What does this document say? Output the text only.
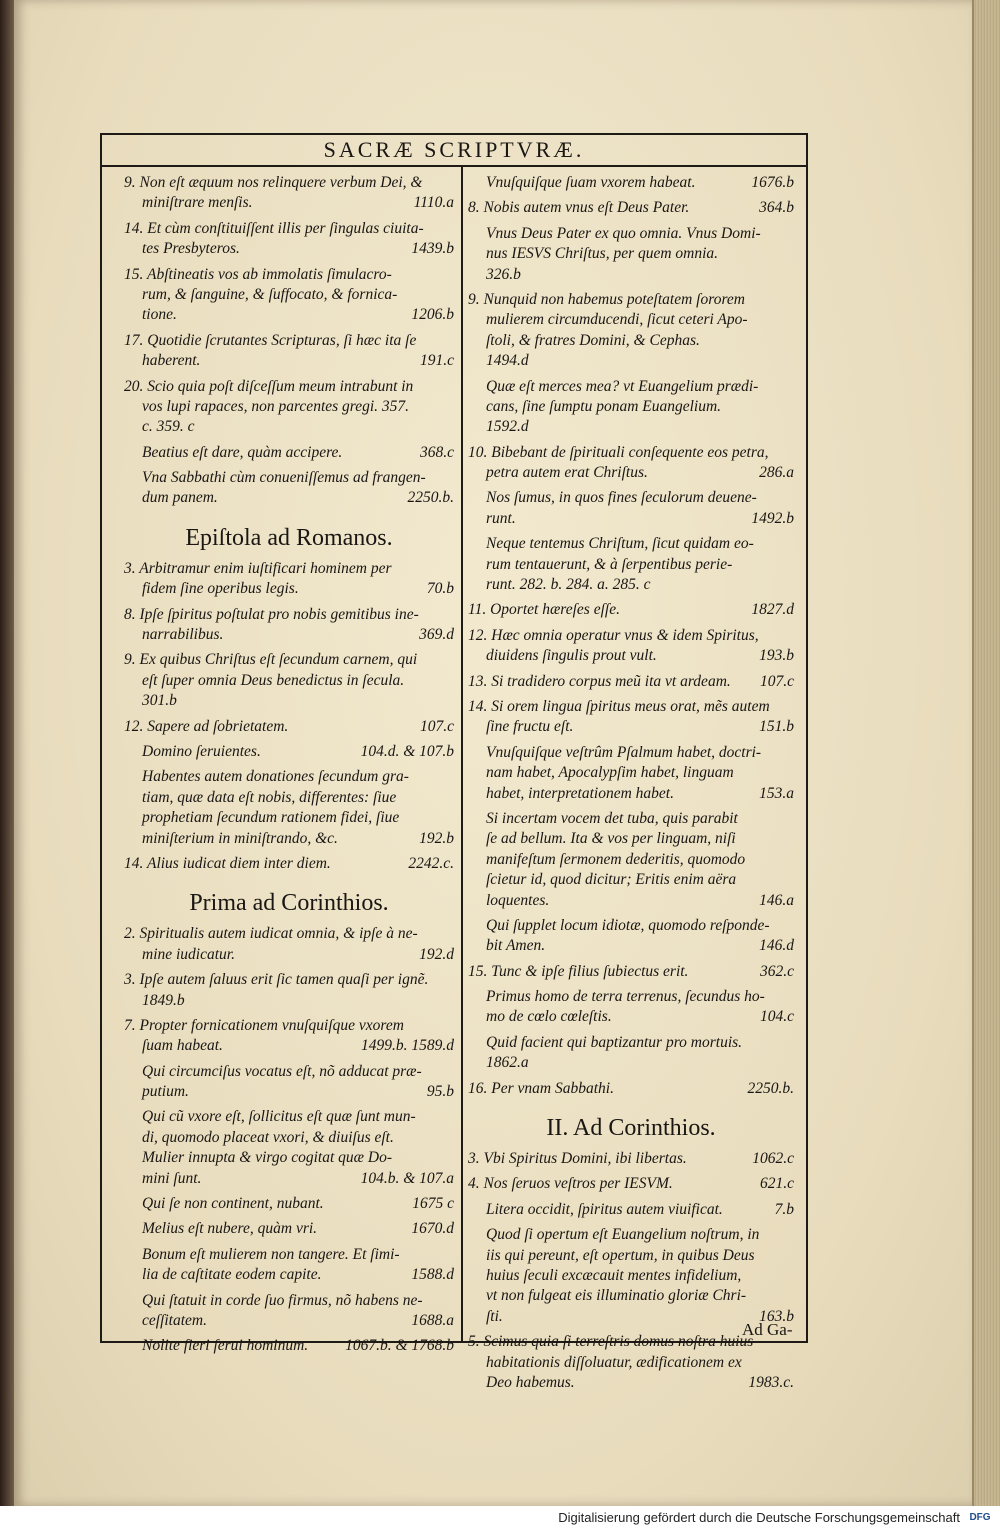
SACRÆ SCRIPTVRÆ.
9. Non eſt æquum nos relinquere verbum Dei, &
miniſtrare menſis.	1110.a
14. Et cùm conſtituiſſent illis per ſingulas ciuita-
tes Presbyteros.	1439.b
15. Abſtineatis vos ab immolatis ſimulacro-
rum, & ſanguine, & ſuffocato, & fornica-
tione.	1206.b
17. Quotidie ſcrutantes Scripturas, ſi hæc ita ſe
haberent.	191.c
20. Scio quia poſt diſceſſum meum intrabunt in
vos lupi rapaces, non parcentes gregi. 357.
c. 359. c
Beatius eſt dare, quàm accipere.	368.c
Vna Sabbathi cùm conueniſſemus ad frangen-
dum panem.	2250.b.
Epiſtola ad Romanos.
3. Arbitramur enim iuſtificari hominem per
fidem ſine operibus legis.	70.b
8. Ipſe ſpiritus poſtulat pro nobis gemitibus ine-
narrabilibus.	369.d
9. Ex quibus Chriſtus eſt ſecundum carnem, qui
eſt ſuper omnia Deus benedictus in ſecula.
301.b
12. Sapere ad ſobrietatem.	107.c
Domino ſeruientes.	104.d. & 107.b
Habentes autem donationes ſecundum gra-
tiam, quæ data eſt nobis, differentes: ſiue
prophetiam ſecundum rationem fidei, ſiue
miniſterium in miniſtrando, &c.	192.b
14. Alius iudicat diem inter diem.	2242.c.
Prima ad Corinthios.
2. Spiritualis autem iudicat omnia, & ipſe à ne-
mine iudicatur.	192.d
3. Ipſe autem ſaluus erit ſic tamen quaſi per ignẽ.
1849.b
7. Propter fornicationem vnuſquiſque vxorem
ſuam habeat.	1499.b. 1589.d
Qui circumciſus vocatus eſt, nõ adducat præ-
putium.	95.b
Qui cũ vxore eſt, ſollicitus eſt quæ ſunt mun-
di, quomodo placeat vxori, & diuiſus eſt.
Mulier innupta & virgo cogitat quæ Do-
mini ſunt.	104.b. & 107.a
Qui ſe non continent, nubant.	1675 c
Melius eſt nubere, quàm vri.	1670.d
Bonum eſt mulierem non tangere. Et ſimi-
lia de caſtitate eodem capite.	1588.d
Qui ſtatuit in corde ſuo firmus, nõ habens ne-
ceſſitatem.	1688.a
Nolite fieri ſerui hominum. 1067.b. & 1768.b
Vnuſquiſque ſuam vxorem habeat.	1676.b
8. Nobis autem vnus eſt Deus Pater.	364.b
Vnus Deus Pater ex quo omnia. Vnus Domi-
nus IESVS Chriſtus, per quem omnia.
326.b
9. Nunquid non habemus poteſtatem ſororem
mulierem circumducendi, ſicut ceteri Apo-
ſtoli, & fratres Domini, & Cephas.
1494.d
Quæ eſt merces mea? vt Euangelium prædi-
cans, ſine ſumptu ponam Euangelium.
1592.d
10. Bibebant de ſpirituali conſequente eos petra,
petra autem erat Chriſtus.	286.a
Nos ſumus, in quos fines ſeculorum deuene-
runt.	1492.b
Neque tentemus Chriſtum, ſicut quidam eo-
rum tentauerunt, & à ſerpentibus perie-
runt. 282. b. 284. a. 285. c
11. Oportet hæreſes eſſe.	1827.d
12. Hæc omnia operatur vnus & idem Spiritus,
diuidens ſingulis prout vult.	193.b
13. Si tradidero corpus meũ ita vt ardeam. 107.c
14. Si orem lingua ſpiritus meus orat, mẽs autem
ſine fructu eſt.	151.b
Vnuſquiſque veſtrûm Pſalmum habet, doctri-
nam habet, Apocalypſim habet, linguam
habet, interpretationem habet.	153.a
Si incertam vocem det tuba, quis parabit
ſe ad bellum. Ita & vos per linguam, niſi
manifeſtum ſermonem dederitis, quomodo
ſcietur id, quod dicitur; Eritis enim aëra
loquentes.	146.a
Qui ſupplet locum idiotæ, quomodo reſponde-
bit Amen.	146.d
15. Tunc & ipſe filius ſubiectus erit.	362.c
Primus homo de terra terrenus, ſecundus ho-
mo de cœlo cœleſtis.	104.c
Quid facient qui baptizantur pro mortuis.
1862.a
16. Per vnam Sabbathi.	2250.b.
II. Ad Corinthios.
3. Vbi Spiritus Domini, ibi libertas.	1062.c
4. Nos ſeruos veſtros per IESVM.	621.c
Litera occidit, ſpiritus autem viuificat.	7.b
Quod ſi opertum eſt Euangelium noſtrum, in
iis qui pereunt, eſt opertum, in quibus Deus
huius ſeculi excæcauit mentes infidelium,
vt non fulgeat eis illuminatio gloriæ Chri-
ſti.	163.b
5. Scimus quia ſi terreſtris domus noſtra huius
habitationis diſſoluatur, ædificationem ex
Deo habemus.	1983.c.
Ad Ga-
Digitalisierung gefördert durch die Deutsche Forschungsgemeinschaft DFG
